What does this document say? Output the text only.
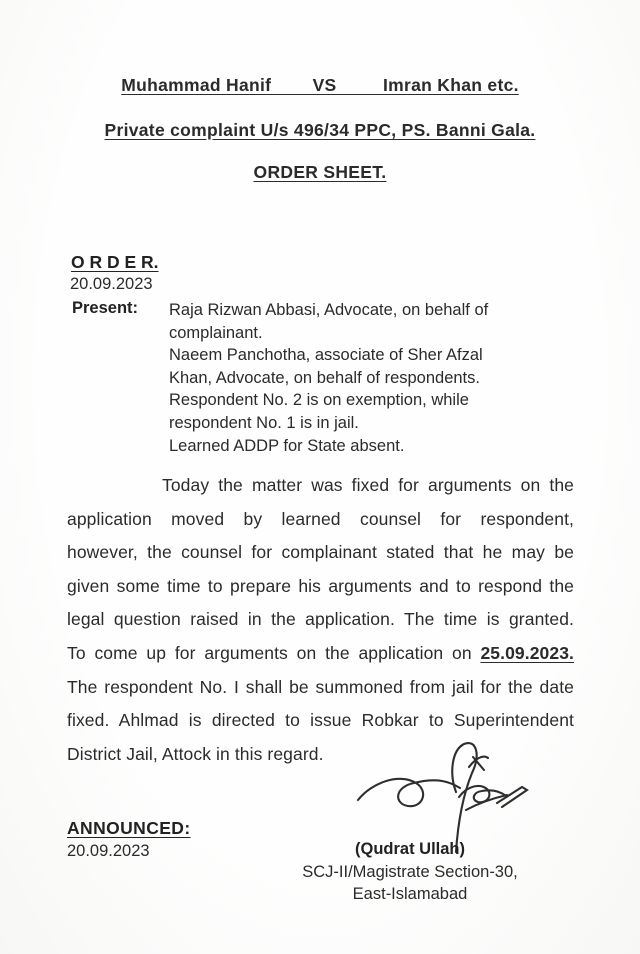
Muhammad Hanif        VS         Imran Khan etc.
Private complaint U/s 496/34 PPC, PS. Banni Gala.
ORDER SHEET.
O R D E R.
20.09.2023
Present:	Raja Rizwan Abbasi, Advocate, on behalf of
complainant.
Naeem Panchotha, associate of Sher Afzal
Khan, Advocate, on behalf of respondents.
Respondent No. 2 is on exemption, while
respondent No. 1 is in jail.
Learned ADDP for State absent.
Today the matter was fixed for arguments on the
application moved by learned counsel for respondent,
however, the counsel for complainant stated that he may be
given some time to prepare his arguments and to respond the
legal question raised in the application. The time is granted.
To come up for arguments on the application on 25.09.2023.
The respondent No. I shall be summoned from jail for the date
fixed. Ahlmad is directed to issue Robkar to Superintendent
District Jail, Attock in this regard.
ANNOUNCED:
20.09.2023	(Qudrat Ullah)
SCJ-II/Magistrate Section-30,
East-Islamabad
